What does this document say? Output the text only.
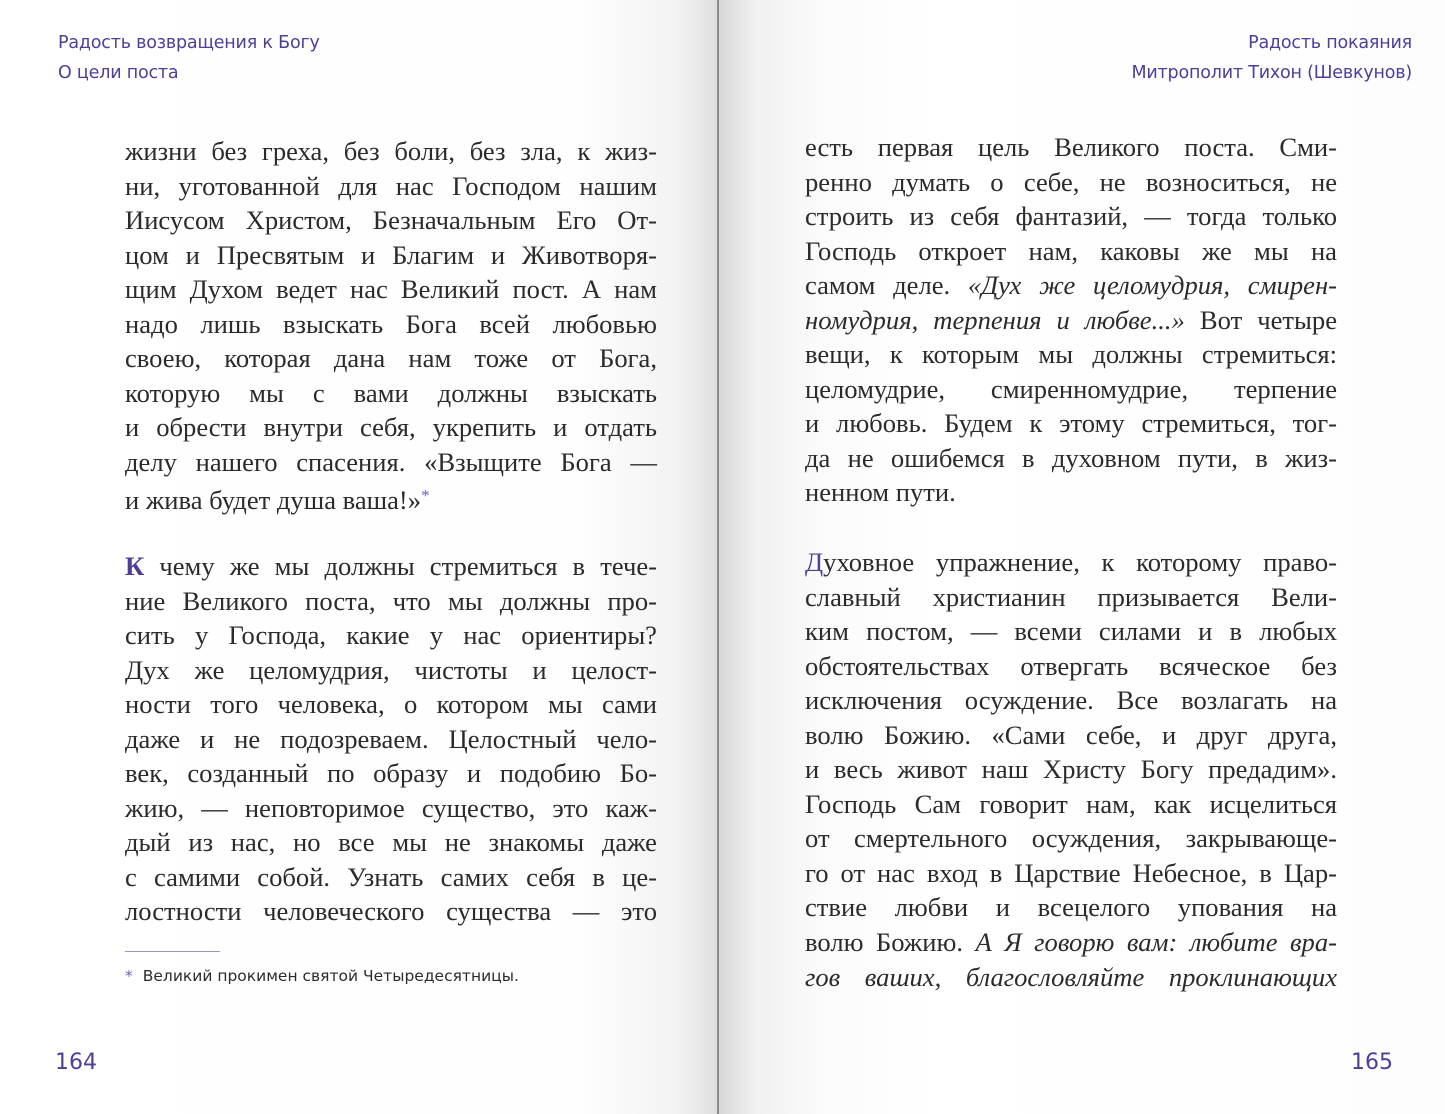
Радость возвращения к Богу
О цели поста
жизни без греха, без боли, без зла, к жиз-
ни, уготованной для нас Господом нашим
Иисусом Христом, Безначальным Его От-
цом и Пресвятым и Благим и Животворя-
щим Духом ведет нас Великий пост. А нам
надо лишь взыскать Бога всей любовью
своею, которая дана нам тоже от Бога,
которую мы с вами должны взыскать
и обрести внутри себя, укрепить и отдать
делу нашего спасения. «Взыщите Бога —
и жива будет душа ваша!»*
К чему же мы должны стремиться в тече-
ние Великого поста, что мы должны про-
сить у Господа, какие у нас ориентиры?
Дух же целомудрия, чистоты и целост-
ности того человека, о котором мы сами
даже и не подозреваем. Целостный чело-
век, созданный по образу и подобию Бо-
жию, — неповторимое существо, это каж-
дый из нас, но все мы не знакомы даже
с самими собой. Узнать самих себя в це-
лостности человеческого существа — это
* Великий прокимен святой Четыредесятницы.
164
Радость покаяния
Митрополит Тихон (Шевкунов)
165
есть первая цель Великого поста. Сми-
ренно думать о себе, не возноситься, не
строить из себя фантазий, — тогда только
Господь откроет нам, каковы же мы на
самом деле. «Дух же целомудрия, смирен-
номудрия, терпения и любве...» Вот четыре
вещи, к которым мы должны стремиться:
целомудрие, смиренномудрие, терпение
и любовь. Будем к этому стремиться, тог-
да не ошибемся в духовном пути, в жиз-
ненном пути.
Духовное упражнение, к которому право-
славный христианин призывается Вели-
ким постом, — всеми силами и в любых
обстоятельствах отвергать всяческое без
исключения осуждение. Все возлагать на
волю Божию. «Сами себе, и друг друга,
и весь живот наш Христу Богу предадим».
Господь Сам говорит нам, как исцелиться
от смертельного осуждения, закрывающе-
го от нас вход в Царствие Небесное, в Цар-
ствие любви и всецелого упования на
волю Божию. А Я говорю вам: любите вра-
гов ваших, благословляйте проклинающих
